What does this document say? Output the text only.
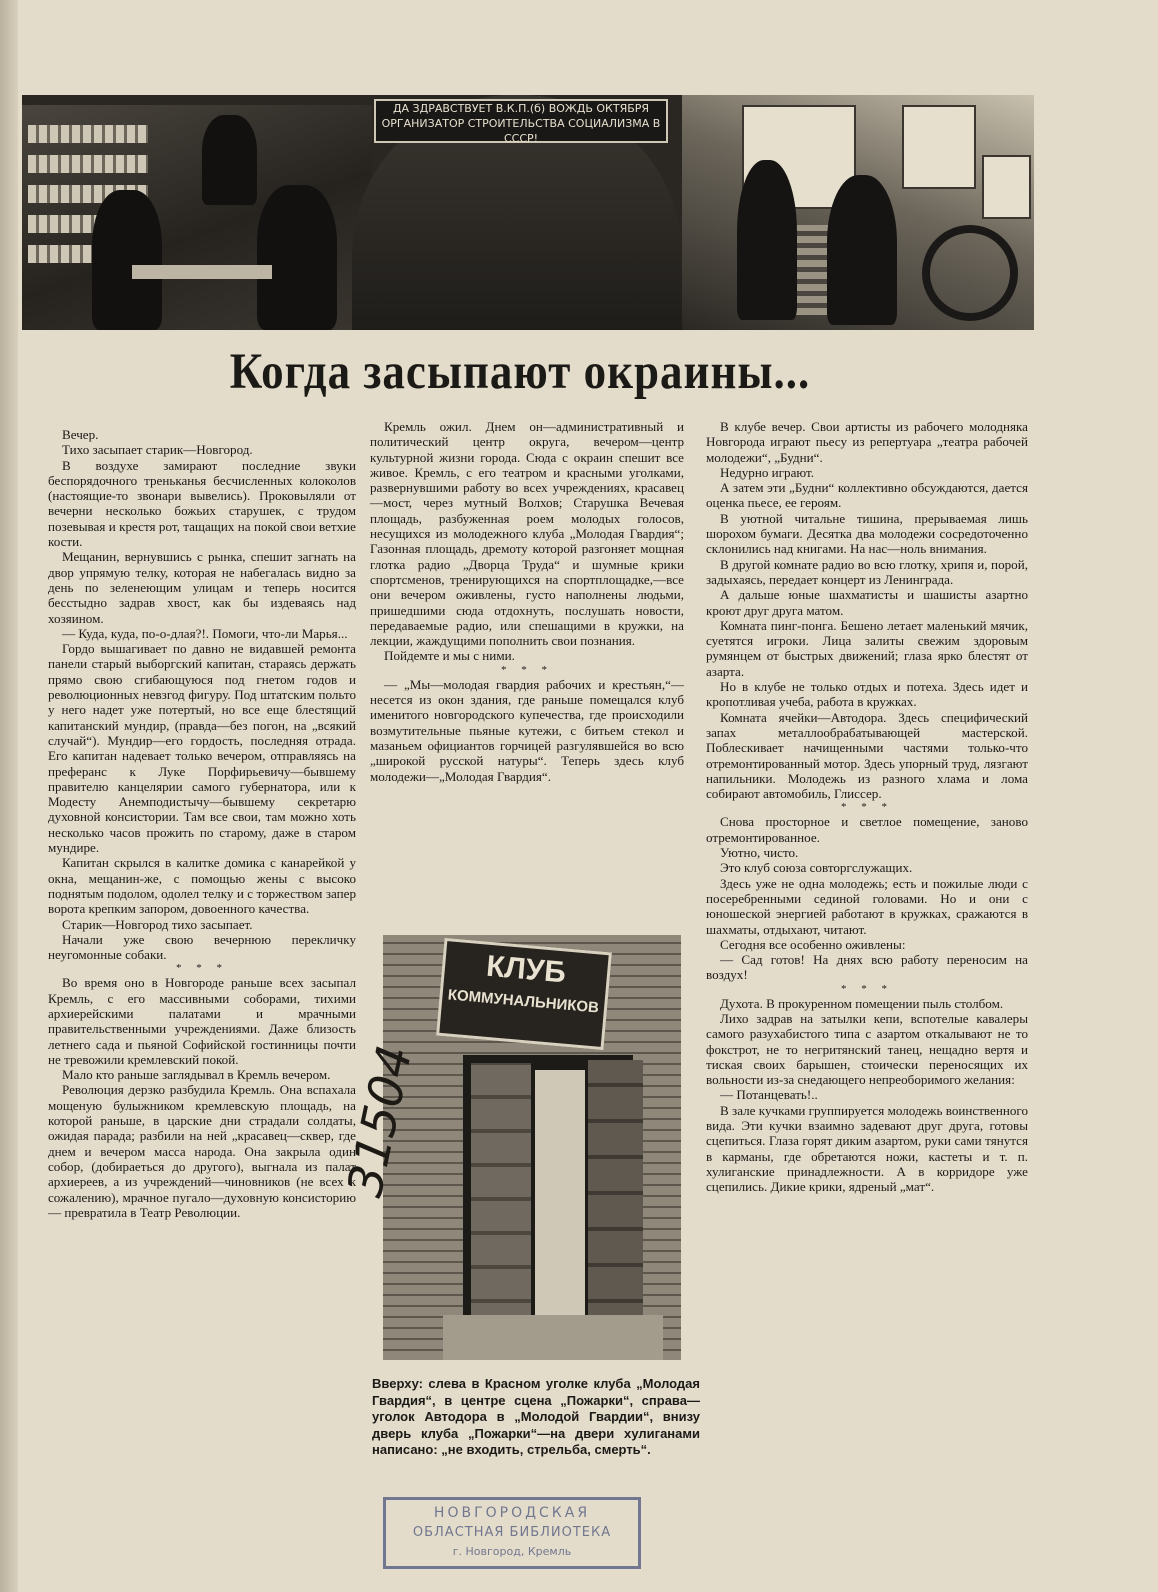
ДА ЗДРАВСТВУЕТ В.К.П.(б) ВОЖДЬ ОКТЯБРЯ ОРГАНИЗАТОР СТРОИТЕЛЬСТВА СОЦИАЛИЗМА В СССР!
Когда засыпают окраины...

Вечер.

Тихо засыпает старик—Новгород.

В воздухе замирают последние звуки беспорядочного треньканья бесчисленных колоколов (настоящие-то звонари вывелись). Проковыляли от вечерни несколько божьих старушек, с трудом позевывая и крестя рот, тащащих на покой свои ветхие кости.

Мещанин, вернувшись с рынка, спешит загнать на двор упрямую телку, которая не набегалась видно за день по зеленеющим улицам и теперь носится бесстыдно задрав хвост, как бы издеваясь над хозяином.

— Куда, куда, по-о-длая?!. Помоги, что-ли Марья...

Гордо вышагивает по давно не видавшей ремонта панели старый выборгский капитан, стараясь держать прямо свою сгибающуюся под гнетом годов и революционных невзгод фигуру. Под штатским польто у него надет уже потертый, но все еще блестящий капитанский мундир, (правда—без погон, на „всякий случай“). Мундир—его гордость, последняя отрада. Его капитан надевает только вечером, отправляясь на преферанс к Луке Порфирьевичу—бывшему правителю канцелярии самого губернатора, или к Модесту Анемподистычу—бывшему секретарю духовной консистории. Там все свои, там можно хоть несколько часов прожить по старому, даже в старом мундире.

Капитан скрылся в калитке домика с канарейкой у окна, мещанин-же, с помощью жены с высоко поднятым подолом, одолел телку и с торжеством запер ворота крепким запором, довоенного качества.

Старик—Новгород тихо засыпает.

Начали уже свою вечернюю перекличку неугомонные собаки.

* * *

Во время оно в Новгороде раньше всех засыпал Кремль, с его массивными соборами, тихими архиерейскими палатами и мрачными правительственными учреждениями. Даже близость летнего сада и пьяной Софийской гостинницы почти не тревожили кремлевский покой.

Мало кто раньше заглядывал в Кремль вечером.

Революция дерзко разбудила Кремль. Она вспахала мощеную булыжником кремлевскую площадь, на которой раньше, в царские дни страдали солдаты, ожидая парада; разбили на ней „красавец—сквер, где днем и вечером масса народа. Она закрыла один собор, (добираеться до другого), выгнала из палат архиереев, а из учреждений—чиновников (не всех к сожалению), мрачное пугало—духовную консисторию — превратила в Театр Революции.

Кремль ожил. Днем он—административный и политический центр округа, вечером—центр культурной жизни города. Сюда с окраин спешит все живое. Кремль, с его театром и красными уголками, развернувшими работу во всех учреждениях, красавец—мост, через мутный Волхов; Старушка Вечевая площадь, разбуженная роем молодых голосов, несущихся из молодежного клуба „Молодая Гвардия“; Газонная площадь, дремоту которой разгоняет мощная глотка радио „Дворца Труда“ и шумные крики спортсменов, тренирующихся на спортплощадке,—все они вечером оживлены, густо наполнены людьми, пришедшими сюда отдохнуть, послушать новости, передаваемые радио, или спешащими в кружки, на лекции, жаждущими пополнить свои познания.

Пойдемте и мы с ними.

* * *

— „Мы—молодая гвардия рабочих и крестьян,“—несется из окон здания, где раньше помещался клуб именитого новгородского купечества, где происходили возмутительные пьяные кутежи, с битьем стекол и мазаньем официантов горчицей разгулявшейся во всю „широкой русской натуры“. Теперь здесь клуб молодежи—„Молодая Гвардия“.

КЛУБ
КОММУНАЛЬНИКОВ
Вверху: слева в Красном уголке клуба „Молодая Гвардия“, в центре сцена „Пожарки“, справа—уголок Автодора в „Молодой Гвардии“, внизу дверь клуба „Пожарки“—на двери хулиганами написано: „не входить, стрельба, смерть“.

В клубе вечер. Свои артисты из рабочего молодняка Новгорода играют пьесу из репертуара „театра рабочей молодежи“, „Будни“.

Недурно играют.

А затем эти „Будни“ коллективно обсуждаются, дается оценка пьесе, ее героям.

В уютной читальне тишина, прерываемая лишь шорохом бумаги. Десятка два молодежи сосредоточенно склонились над книгами. На нас—ноль внимания.

В другой комнате радио во всю глотку, хрипя и, порой, задыхаясь, передает концерт из Ленинграда.

А дальше юные шахматисты и шашисты азартно кроют друг друга матом.

Комната пинг-понга. Бешено летает маленький мячик, суетятся игроки. Лица залиты свежим здоровым румянцем от быстрых движений; глаза ярко блестят от азарта.

Но в клубе не только отдых и потеха. Здесь идет и кропотливая учеба, работа в кружках.

Комната ячейки—Автодора. Здесь специфический запах металлообрабатывающей мастерской. Поблескивает начищенными частями только-что отремонтированный мотор. Здесь упорный труд, лязгают напильники. Молодежь из разного хлама и лома собирают автомобиль, Глиссер.

* * *

Снова просторное и светлое помещение, заново отремонтированное.

Уютно, чисто.

Это клуб союза совторгслужащих.

Здесь уже не одна молодежь; есть и пожилые люди с посеребренными сединой головами. Но и они с юношеской энергией работают в кружках, сражаются в шахматы, отдыхают, читают.

Сегодня все особенно оживлены:

— Сад готов! На днях всю работу переносим на воздух!

* * *

Духота. В прокуренном помещении пыль столбом.

Лихо задрав на затылки кепи, вспотелые кавалеры самого разухабистого типа с азартом откалывают не то фокстрот, не то негритянский танец, нещадно вертя и тиская своих барышен, стоически переносящих их вольности из-за снедающего непреоборимого желания:

— Потанцевать!..

В зале кучками группируется молодежь воинственного вида. Эти кучки взаимно задевают друг друга, готовы сцепиться. Глаза горят диким азартом, руки сами тянутся в карманы, где обретаются ножи, кастеты и т. п. хулиганские принадлежности. А в корридоре уже сцепились. Дикие крики, ядреный „мат“.

31504
НОВГОРОДСКАЯ
ОБЛАСТНАЯ БИБЛИОТЕКА
г. Новгород, Кремль
